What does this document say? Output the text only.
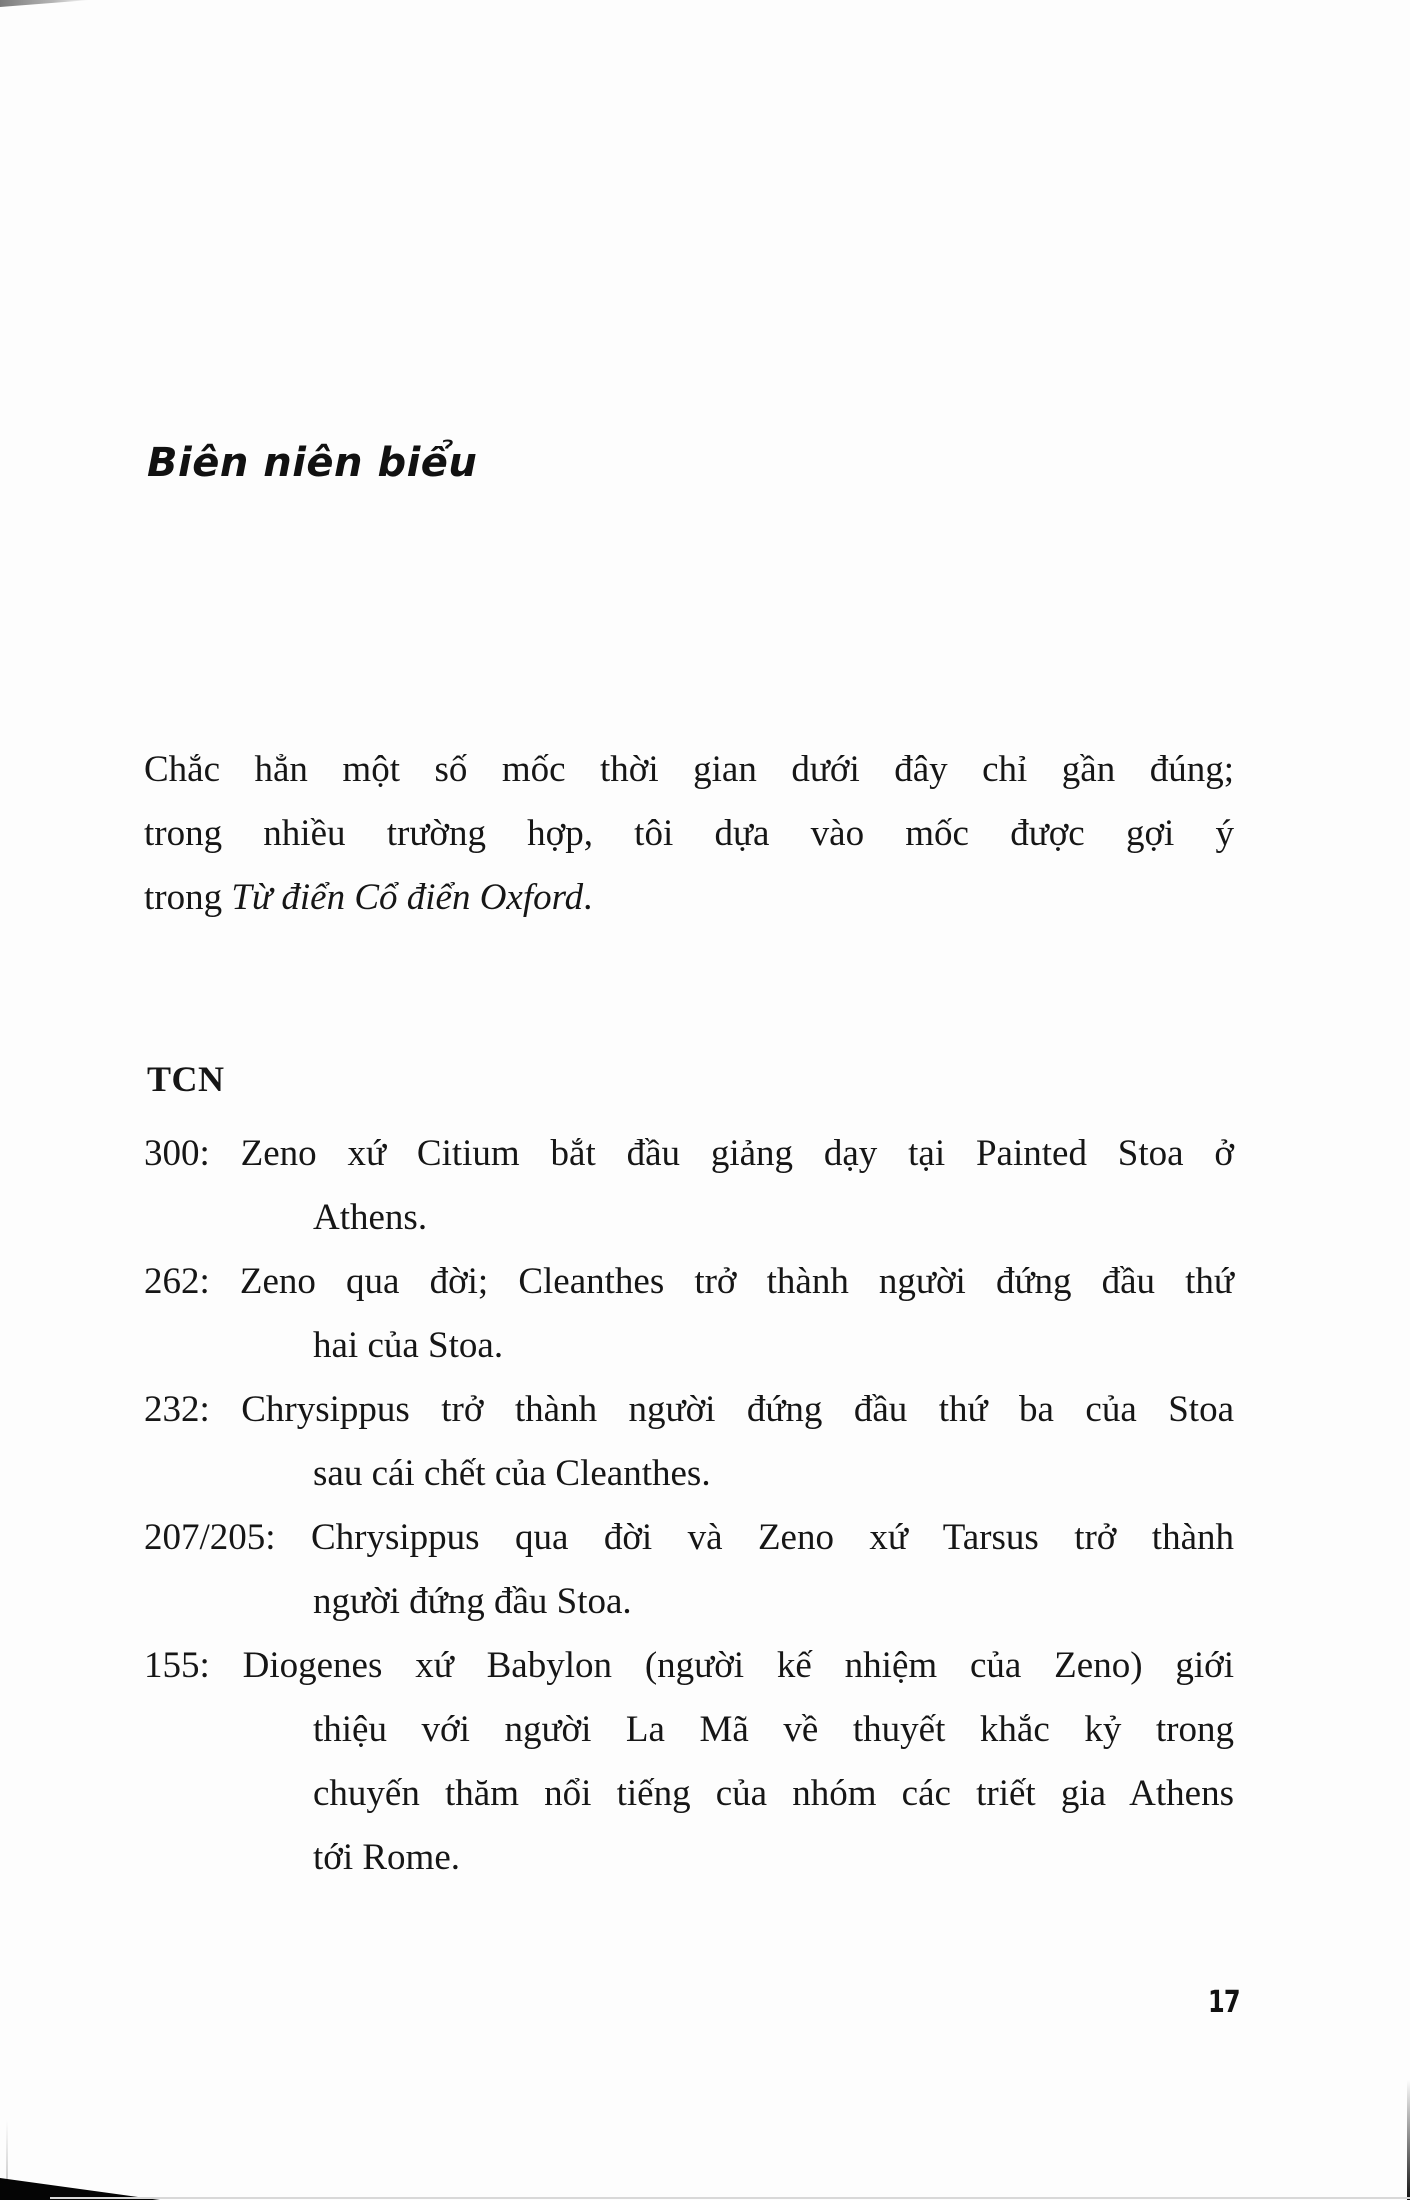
Biên niên biểu
Chắc hẳn một số mốc thời gian dưới đây chỉ gần đúng;
trong nhiều trường hợp, tôi dựa vào mốc được gợi ý
trong Từ điển Cổ điển Oxford.
TCN
300: Zeno xứ Citium bắt đầu giảng dạy tại Painted Stoa ở
Athens.
262: Zeno qua đời; Cleanthes trở thành người đứng đầu thứ
hai của Stoa.
232: Chrysippus trở thành người đứng đầu thứ ba của Stoa
sau cái chết của Cleanthes.
207/205: Chrysippus qua đời và Zeno xứ Tarsus trở thành
người đứng đầu Stoa.
155: Diogenes xứ Babylon (người kế nhiệm của Zeno) giới
thiệu với người La Mã về thuyết khắc kỷ trong
chuyến thăm nổi tiếng của nhóm các triết gia Athens
tới Rome.
17
